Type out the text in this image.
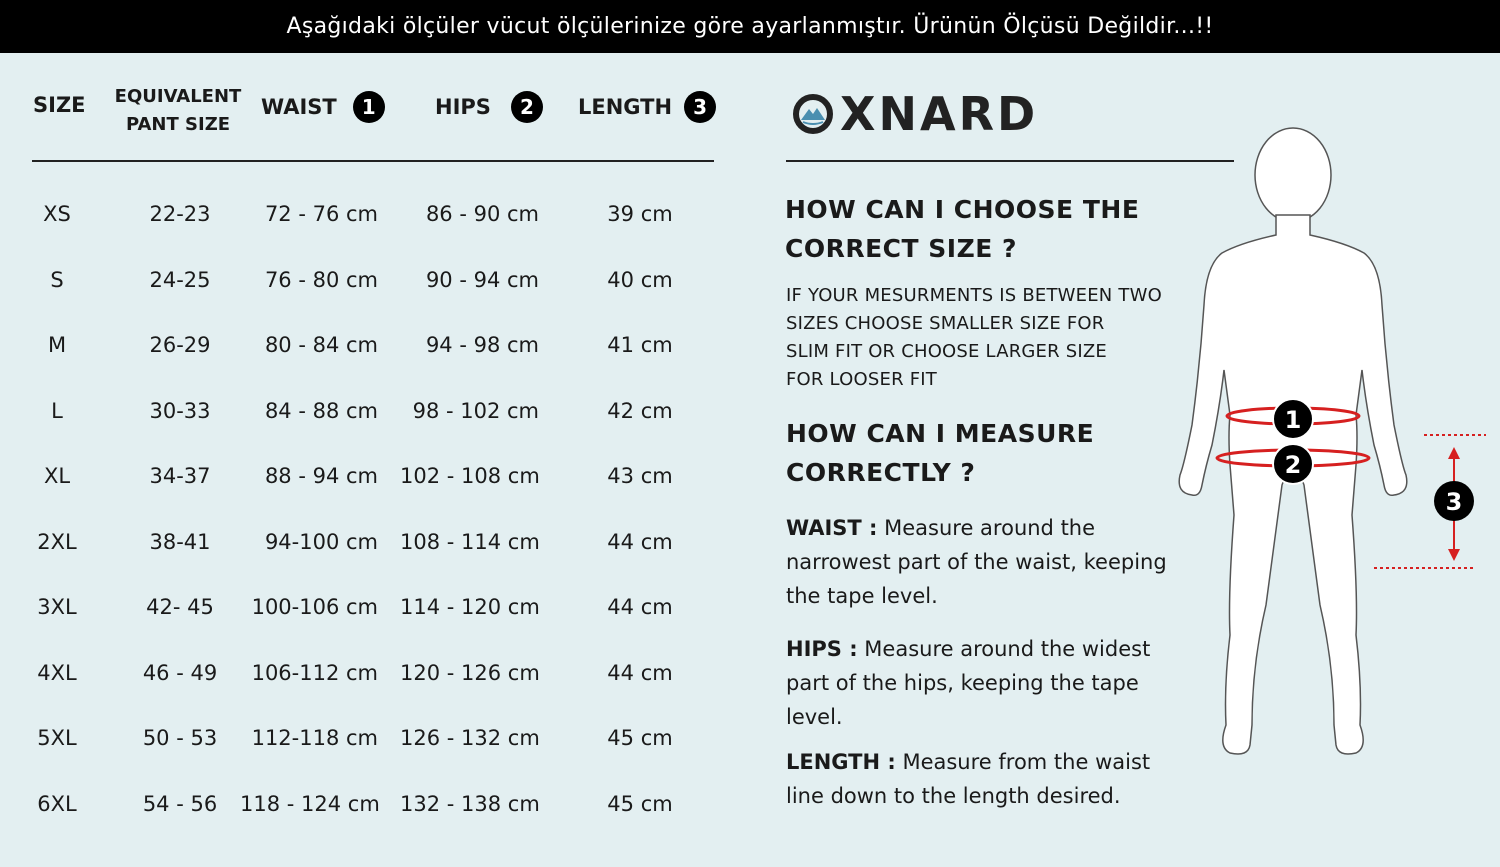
Aşağıdaki ölçüler vücut ölçülerinize göre ayarlanmıştır. Ürünün Ölçüsü Değildir...!!
SIZE	EQUIVALENT
PANT SIZE
WAIST	1	HIPS	2	LENGTH	3
XS	22-23	72 - 76 cm	86 - 90 cm	39 cm
S	24-25	76 - 80 cm	90 - 94 cm	40 cm
M	26-29	80 - 84 cm	94 - 98 cm	41 cm
L	30-33	84 - 88 cm	98 - 102 cm	42 cm
XL	34-37	88 - 94 cm	102 - 108 cm	43 cm
2XL	38-41	94-100 cm	108 - 114 cm	44 cm
3XL	42- 45	100-106 cm	114 - 120 cm	44 cm
4XL	46 - 49	106-112 cm	120 - 126 cm	44 cm
5XL	50 - 53	112-118 cm	126 - 132 cm	45 cm
6XL	54 - 56	118 - 124 cm 132 - 138 cm	45 cm
XNARD
HOW CAN I CHOOSE THE
CORRECT SIZE ?
IF YOUR MESURMENTS IS BETWEEN TWO
SIZES CHOOSE SMALLER SIZE FOR
SLIM FIT OR CHOOSE LARGER SIZE
FOR LOOSER FIT
HOW CAN I MEASURE
CORRECTLY ?
WAIST : Measure around the
narrowest part of the waist, keeping
the tape level.
HIPS : Measure around the widest
part of the hips, keeping the tape
level.
LENGTH : Measure from the waist
line down to the length desired.
1
2
3
